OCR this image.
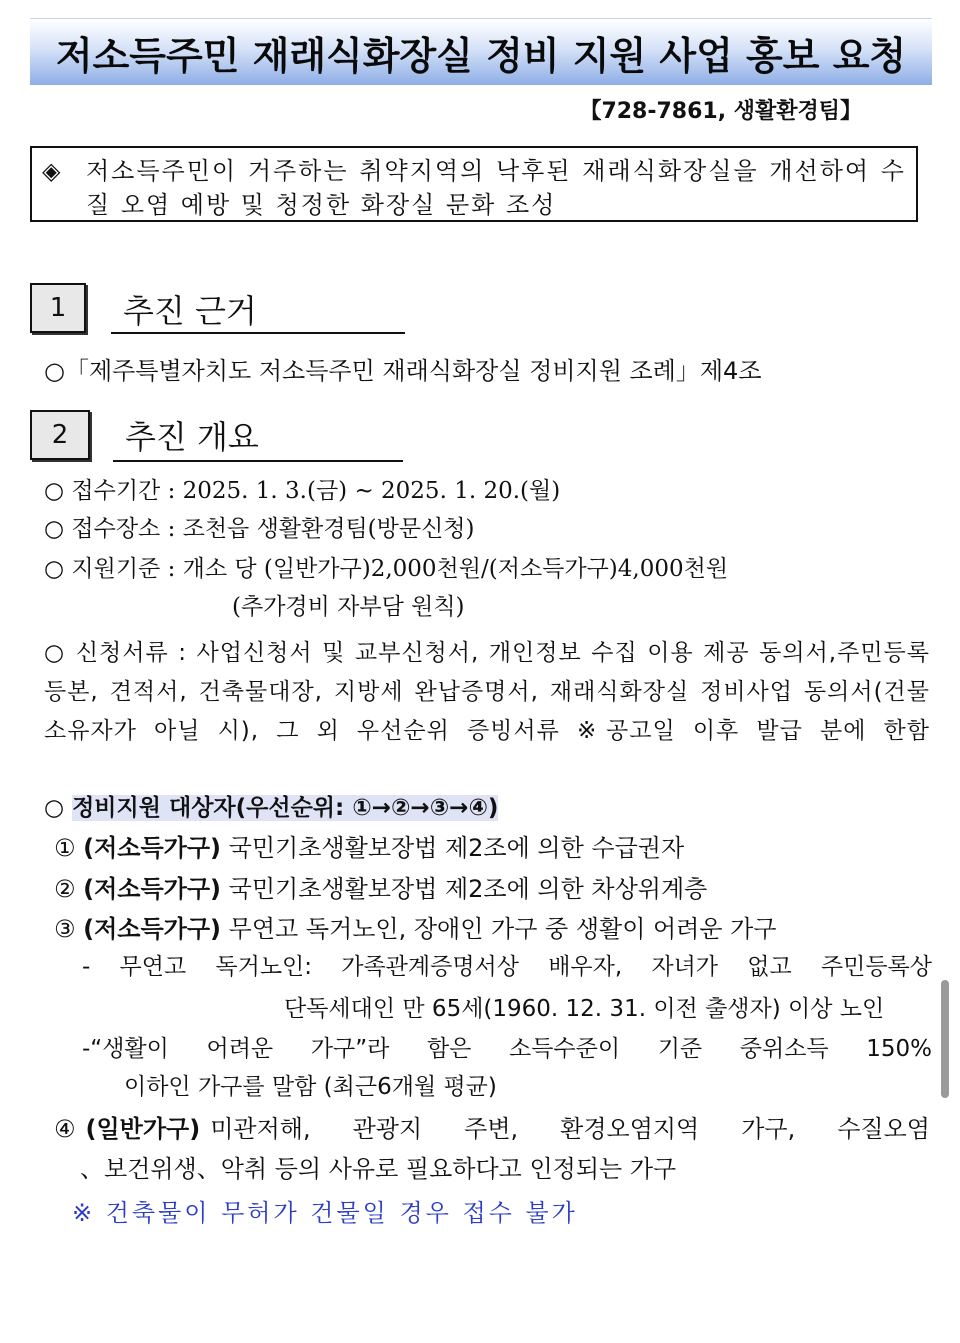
저소득주민 재래식화장실 정비 지원 사업 홍보 요청
【728-7861, 생활환경팀】
◈ 저소득주민이 거주하는 취약지역의 낙후된 재래식화장실을 개선하여 수질 오염 예방 및 청정한 화장실 문화 조성
1	추진 근거
○「제주특별자치도 저소득주민 재래식화장실 정비지원 조례」제4조
2	추진 개요
○ 접수기간 : 2025. 1. 3.(금) ~ 2025. 1. 20.(월)
○ 접수장소 : 조천읍 생활환경팀(방문신청)
○ 지원기준 : 개소 당 (일반가구)2,000천원/(저소득가구)4,000천원
(추가경비 자부담 원칙)
○ 신청서류 : 사업신청서 및 교부신청서, 개인정보 수집 이용 제공 동의서,주민등록등본, 견적서, 건축물대장, 지방세 완납증명서, 재래식화장실 정비사업 동의서(건물 소유자가 아닐 시), 그 외 우선순위 증빙서류 ※공고일 이후 발급 분에 한함
○ 정비지원 대상자(우선순위: ①→②→③→④)
① (저소득가구) 국민기초생활보장법 제2조에 의한 수급권자
② (저소득가구) 국민기초생활보장법 제2조에 의한 차상위계층
③ (저소득가구) 무연고 독거노인, 장애인 가구 중 생활이 어려운 가구
- 무연고 독거노인: 가족관계증명서상 배우자, 자녀가 없고 주민등록상
단독세대인 만 65세(1960. 12. 31. 이전 출생자) 이상 노인
-“생활이 어려운 가구”라 함은 소득수준이 기준 중위소득 150%
이하인 가구를 말함 (최근6개월 평균)
④ (일반가구) 미관저해, 관광지 주변, 환경오염지역 가구, 수질오염
、보건위생、악취 등의 사유로 필요하다고 인정되는 가구
※ 건축물이 무허가 건물일 경우 접수 불가
